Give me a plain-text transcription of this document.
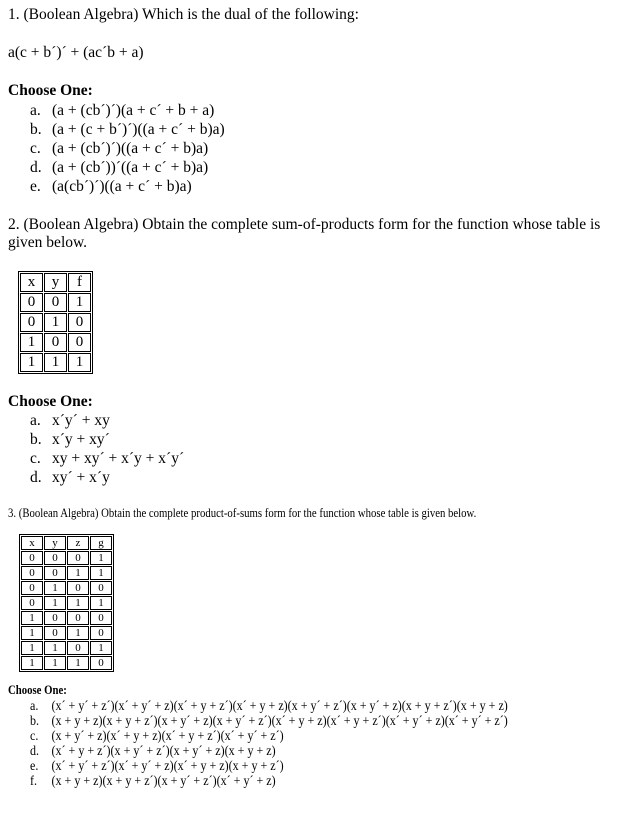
1. (Boolean Algebra) Which is the dual of the following:
a(c + b´)´ + (ac´b + a)
Choose One:
a. (a + (cb´)´)(a + c´ + b + a)
b. (a + (c + b´)´)((a + c´ + b)a)
c. (a + (cb´)´)((a + c´ + b)a)
d. (a + (cb´))´((a + c´ + b)a)
e. (a(cb´)´)((a + c´ + b)a)
2. (Boolean Algebra) Obtain the complete sum-of-products form for the function whose table is
given below.
x	y	f
0	0	1
0	1	0
1	0	0
1	1	1
Choose One:
a. x´y´ + xy
b. x´y + xy´
c. xy + xy´ + x´y + x´y´
d. xy´ + x´y
3. (Boolean Algebra) Obtain the complete product-of-sums form for the function whose table is given below.
x	y	z	g
0	0	0	1
0	0	1	1
0	1	0	0
0	1	1	1
1	0	0	0
1	0	1	0
1	1	0	1
1	1	1	0
Choose One:
a. (x´ + y´ + z´)(x´ + y´ + z)(x´ + y + z´)(x´ + y + z)(x + y´ + z´)(x + y´ + z)(x + y + z´)(x + y + z)
b. (x + y + z)(x + y + z´)(x + y´ + z)(x + y´ + z´)(x´ + y + z)(x´ + y + z´)(x´ + y´ + z)(x´ + y´ + z´)
c. (x + y´ + z)(x´ + y + z)(x´ + y + z´)(x´ + y´ + z´)
d. (x´ + y + z´)(x + y´ + z´)(x + y´ + z)(x + y + z)
e. (x´ + y´ + z´)(x´ + y´ + z)(x´ + y + z)(x + y + z´)
f. (x + y + z)(x + y + z´)(x + y´ + z´)(x´ + y´ + z)
